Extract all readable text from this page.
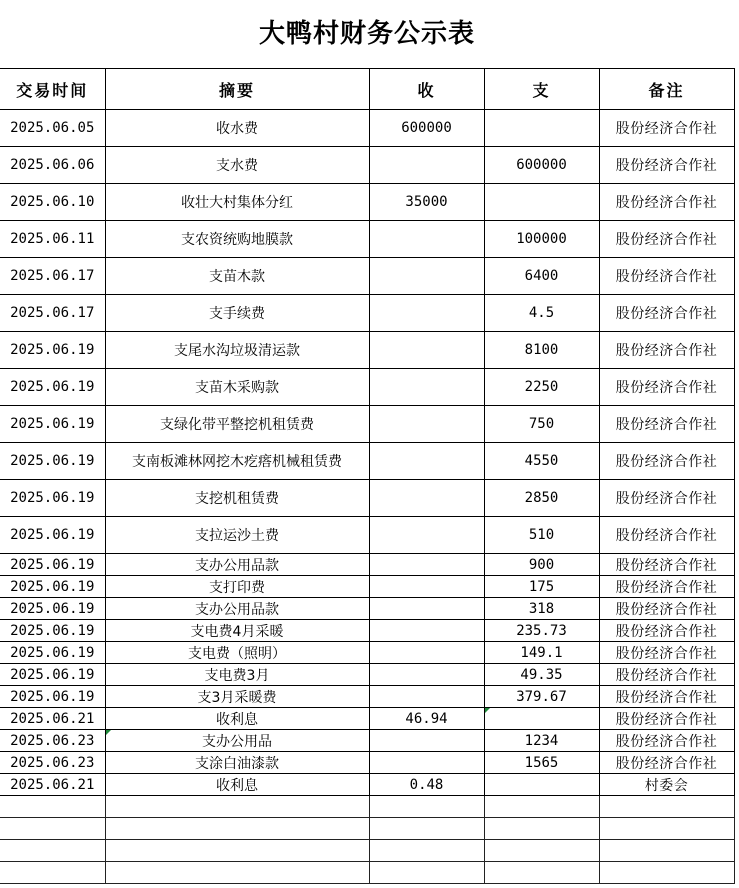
大鸭村财务公示表
交易时间	摘要	收	支	备注
2025.06.05	收水费	600000		股份经济合作社
2025.06.06	支水费		600000	股份经济合作社
2025.06.10	收壮大村集体分红	35000		股份经济合作社
2025.06.11	支农资统购地膜款		100000	股份经济合作社
2025.06.17	支苗木款		6400	股份经济合作社
2025.06.17	支手续费		4.5	股份经济合作社
2025.06.19	支尾水沟垃圾清运款		8100	股份经济合作社
2025.06.19	支苗木采购款		2250	股份经济合作社
2025.06.19	支绿化带平整挖机租赁费		750	股份经济合作社
2025.06.19	支南板滩林网挖木疙瘩机械租赁费		4550	股份经济合作社
2025.06.19	支挖机租赁费		2850	股份经济合作社
2025.06.19	支拉运沙土费		510	股份经济合作社
2025.06.19	支办公用品款		900	股份经济合作社
2025.06.19	支打印费		175	股份经济合作社
2025.06.19	支办公用品款		318	股份经济合作社
2025.06.19	支电费4月采暖		235.73	股份经济合作社
2025.06.19	支电费（照明）		149.1	股份经济合作社
2025.06.19	支电费3月		49.35	股份经济合作社
2025.06.19	支3月采暖费		379.67	股份经济合作社
2025.06.21	收利息	46.94		股份经济合作社
2025.06.23	支办公用品		1234	股份经济合作社
2025.06.23	支涂白油漆款		1565	股份经济合作社
2025.06.21	收利息	0.48		村委会
